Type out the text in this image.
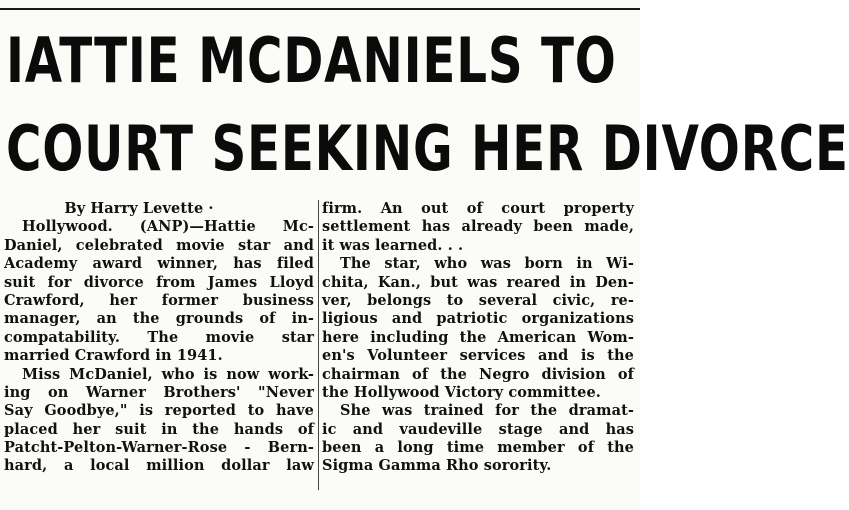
IATTIE MCDANIELS TO
COURT SEEKING HER DIVORCE
By Harry Levette ·
Hollywood. (ANP)—Hattie Mc-
Daniel, celebrated movie star and
Academy award winner, has filed
suit for divorce from James Lloyd
Crawford, her former business
manager, an the grounds of in-
compatability. The movie star
married Crawford in 1941.
Miss McDaniel, who is now work-
ing on Warner Brothers' "Never
Say Goodbye," is reported to have
placed her suit in the hands of
Patcht-Pelton-Warner-Rose - Bern-
hard, a local million dollar law
firm. An out of court property
settlement has already been made,
it was learned. . .
The star, who was born in Wi-
chita, Kan., but was reared in Den-
ver, belongs to several civic, re-
ligious and patriotic organizations
here including the American Wom-
en's Volunteer services and is the
chairman of the Negro division of
the Hollywood Victory committee.
She was trained for the dramat-
ic and vaudeville stage and has
been a long time member of the
Sigma Gamma Rho sorority.
